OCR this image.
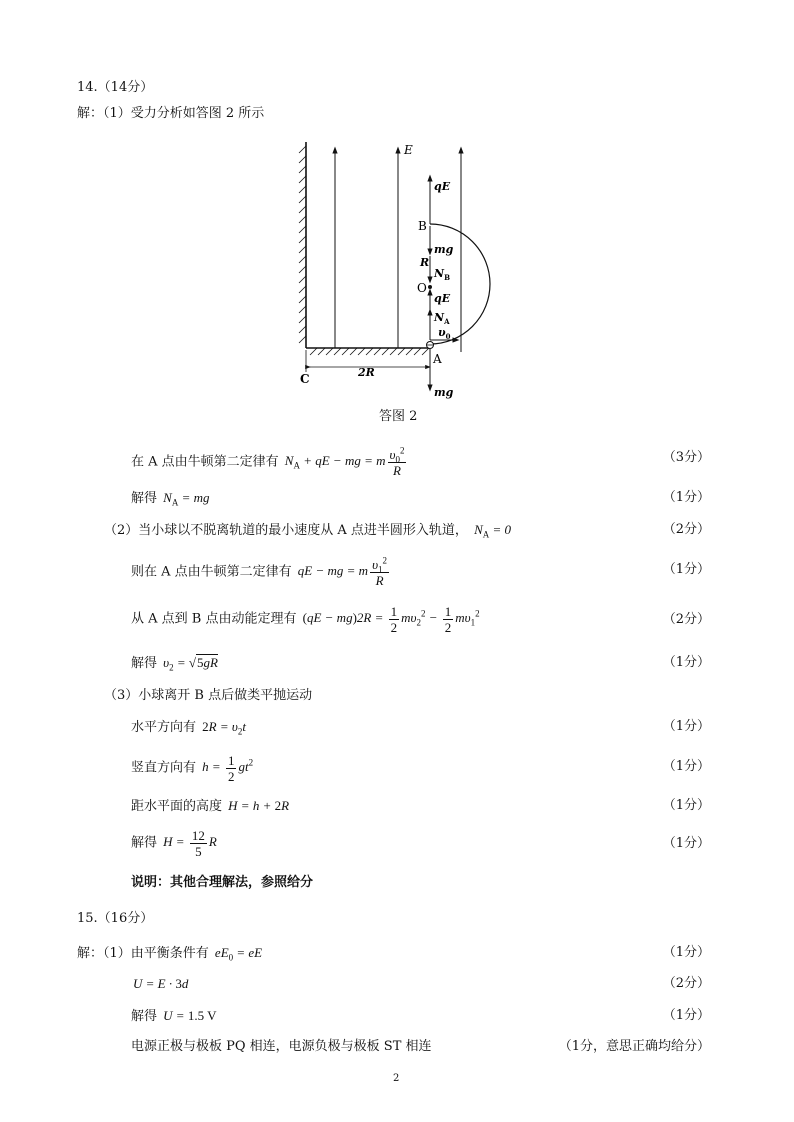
14.（14分）
解：（1）受力分析如答图 2 所示
E
qE
B
mg
R
$N_B$
O
qE
$N_A$
$\upsilon_0$
A
mg
C	2R
答图 2
在 A 点由牛顿第二定律有 $N_A$ + qE − mg = m $\frac{\upsilon_0^2}{R}$	（3分）
解得 $N_A$ = mg	（1分）
（2）当小球以不脱离轨道的最小速度从 A 点进半圆形入轨道， $N_A = 0$	（2分）
则在 A 点由牛顿第二定律有 qE − mg = m $\frac{\upsilon_1^2}{R}$	（1分）
从 A 点到 B 点由动能定理有 $(qE - mg)2R = \frac{1}{2} m\upsilon_2^2 - \frac{1}{2} m\upsilon_1^2$	（2分）
解得 $\upsilon_2 = √5gR$	（1分）
（3）小球离开 B 点后做类平抛运动
水平方向有 $2R = \upsilon_2t$	（1分）
竖直方向有 $h = \frac{1}{2} gt^2$	（1分）
距水平面的高度 H = h + 2R	（1分）
解得 $H = \frac{12}{5}$ R	（1分）
说明：其他合理解法，参照给分
15.（16分）
解：（1）由平衡条件有 $eE_0$ = eE	（1分）
U = E · 3d	（2分）
解得 U = 1.5 V	（1分）
电源正极与极板 PQ 相连，电源负极与极板 ST 相连	（1分，意思正确均给分）
2
